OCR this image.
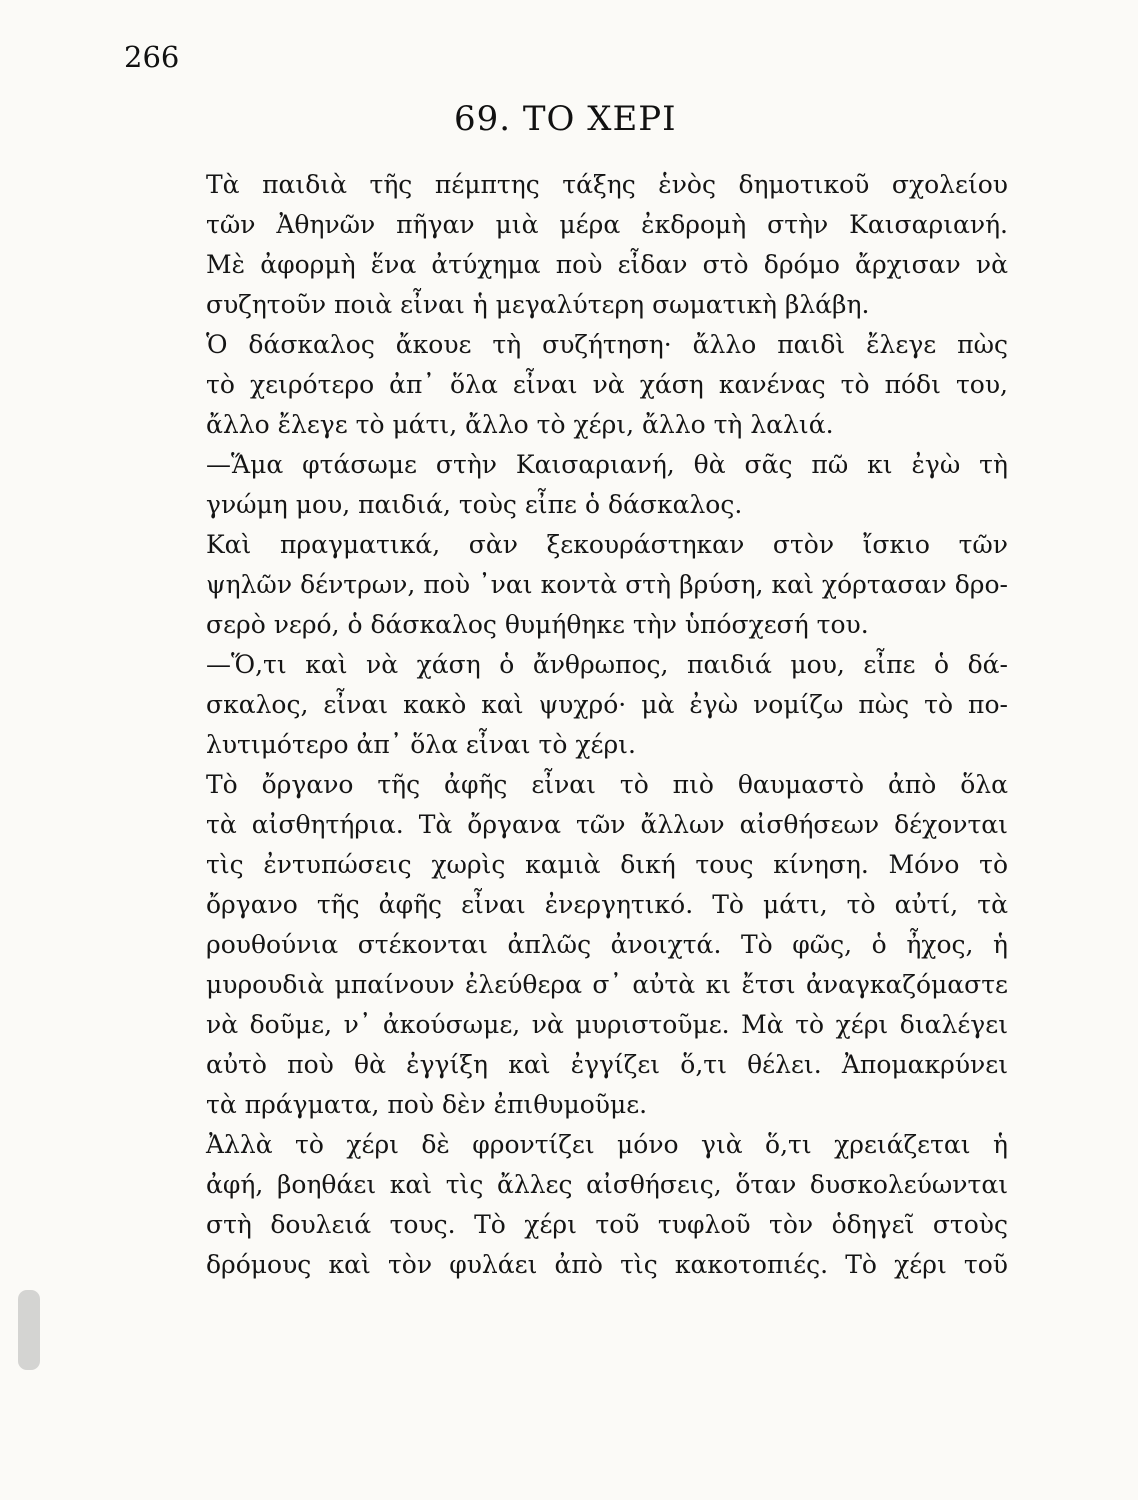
266
69. ΤΟ ΧΕΡΙ

Τὰ παιδιὰ τῆς πέμπτης τάξης ἑνὸς δημοτικοῦ σχολείου
τῶν Ἀθηνῶν πῆγαν μιὰ μέρα ἐκδρομὴ στὴν Καισαριανή.
Μὲ ἀφορμὴ ἕνα ἀτύχημα ποὺ εἶδαν στὸ δρόμο ἄρχισαν νὰ
συζητοῦν ποιὰ εἶναι ἡ μεγαλύτερη σωματικὴ βλάβη.

Ὁ δάσκαλος ἄκουε τὴ συζήτηση· ἄλλο παιδὶ ἔλεγε πὼς
τὸ χειρότερο ἀπ᾽ ὅλα εἶναι νὰ χάση κανένας τὸ πόδι του,
ἄλλο ἔλεγε τὸ μάτι, ἄλλο τὸ χέρι, ἄλλο τὴ λαλιά.

—Ἅμα φτάσωμε στὴν Καισαριανή, θὰ σᾶς πῶ κι ἐγὼ τὴ
γνώμη μου, παιδιά, τοὺς εἶπε ὁ δάσκαλος.

Καὶ πραγματικά, σὰν ξεκουράστηκαν στὸν ἴσκιο τῶν
ψηλῶν δέντρων, ποὺ ᾽ναι κοντὰ στὴ βρύση, καὶ χόρτασαν δρο-
σερὸ νερό, ὁ δάσκαλος θυμήθηκε τὴν ὑπόσχεσή του.

—Ὅ,τι καὶ νὰ χάση ὁ ἄνθρωπος, παιδιά μου, εἶπε ὁ δά-
σκαλος, εἶναι κακὸ καὶ ψυχρό· μὰ ἐγὼ νομίζω πὼς τὸ πο-
λυτιμότερο ἀπ᾽ ὅλα εἶναι τὸ χέρι.

Τὸ ὄργανο τῆς ἀφῆς εἶναι τὸ πιὸ θαυμαστὸ ἀπὸ ὅλα
τὰ αἰσθητήρια. Τὰ ὄργανα τῶν ἄλλων αἰσθήσεων δέχονται
τὶς ἐντυπώσεις χωρὶς καμιὰ δική τους κίνηση. Μόνο τὸ
ὄργανο τῆς ἀφῆς εἶναι ἐνεργητικό. Τὸ μάτι, τὸ αὐτί, τὰ
ρουθούνια στέκονται ἀπλῶς ἀνοιχτά. Τὸ φῶς, ὁ ἦχος, ἡ
μυρουδιὰ μπαίνουν ἐλεύθερα σ᾽ αὐτὰ κι ἔτσι ἀναγκαζόμαστε
νὰ δοῦμε, ν᾽ ἀκούσωμε, νὰ μυριστοῦμε. Μὰ τὸ χέρι διαλέγει
αὐτὸ ποὺ θὰ ἐγγίξη καὶ ἐγγίζει ὅ,τι θέλει. Ἀπομακρύνει
τὰ πράγματα, ποὺ δὲν ἐπιθυμοῦμε.

Ἀλλὰ τὸ χέρι δὲ φροντίζει μόνο γιὰ ὅ,τι χρειάζεται ἡ
ἀφή, βοηθάει καὶ τὶς ἄλλες αἰσθήσεις, ὅταν δυσκολεύωνται
στὴ δουλειά τους. Τὸ χέρι τοῦ τυφλοῦ τὸν ὁδηγεῖ στοὺς
δρόμους καὶ τὸν φυλάει ἀπὸ τὶς κακοτοπιές. Τὸ χέρι τοῦ
